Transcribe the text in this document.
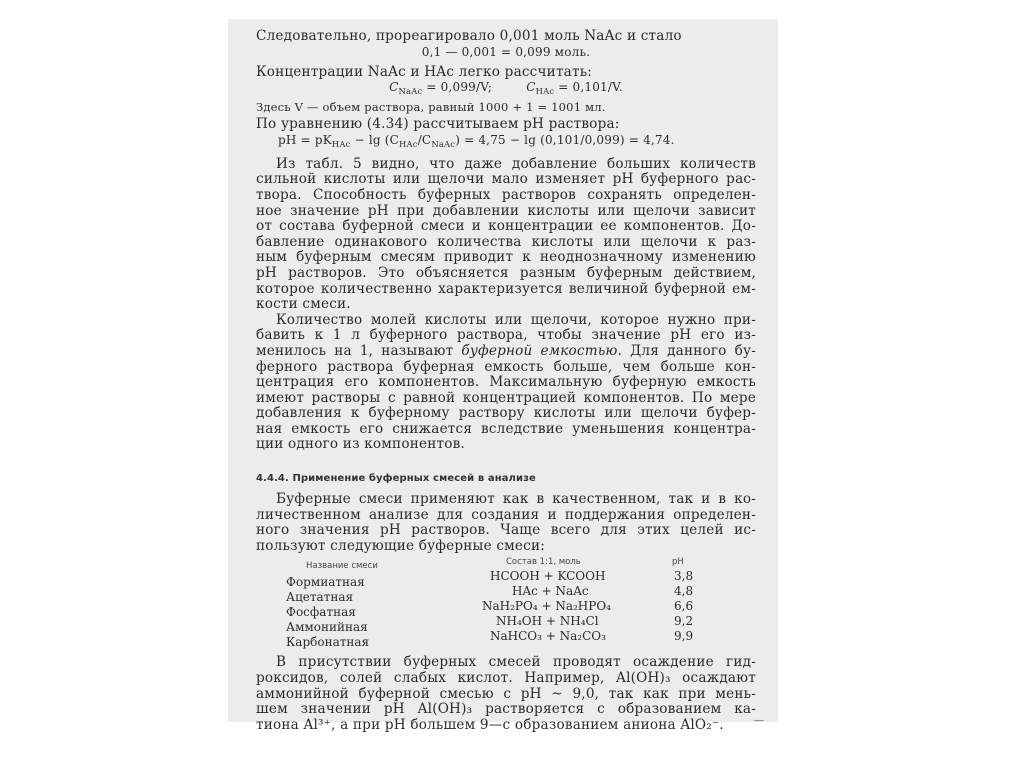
Следовательно, прореагировало 0,001 моль NaAc и стало
0,1 — 0,001 = 0,099 моль.
Концентрации NaAc и HAc легко рассчитать:
$C_{NaAc} = 0,099/V$;	$C_{HAc} = 0,101/V$.
Здесь V — объем раствора, равный 1000 + 1 = 1001 мл.
По уравнению (4.34) рассчитываем pH раствора:
pH = $pK_{HAc} - \lg (C_{HAc}/C_{NaAc}) = 4,75 - \lg (0,101/0,099) = 4,74$.
Из табл. 5 видно, что даже добавление больших количеств
сильной кислоты или щелочи мало изменяет pH буферного рас-
твора. Способность буферных растворов сохранять определен-
ное значение pH при добавлении кислоты или щелочи зависит
от состава буферной смеси и концентрации ее компонентов. До-
бавление одинакового количества кислоты или щелочи к раз-
ным буферным смесям приводит к неоднозначному изменению
pH растворов. Это объясняется разным буферным действием,
которое количественно характеризуется величиной буферной ем-
кости смеси.
Количество молей кислоты или щелочи, которое нужно при-
бавить к 1 л буферного раствора, чтобы значение pH его из-
менилось на 1, называют буферной емкостью. Для данного бу-
ферного раствора буферная емкость больше, чем больше кон-
центрация его компонентов. Максимальную буферную емкость
имеют растворы с равной концентрацией компонентов. По мере
добавления к буферному раствору кислоты или щелочи буфер-
ная емкость его снижается вследствие уменьшения концентра-
ции одного из компонентов.
4.4.4. Применение буферных смесей в анализе
Буферные смеси применяют как в качественном, так и в ко-
личественном анализе для создания и поддержания определен-
ного значения pH растворов. Чаще всего для этих целей ис-
пользуют следующие буферные смеси:
Название смеси	Состав 1:1, моль	pH
Формиатная	HCOOH + KCOOH	3,8
Ацетатная	HAc + NaAc	4,8
Фосфатная	NaH₂PO₄ + Na₂HPO₄	6,6
Аммонийная	NH₄OH + NH₄Cl	9,2
Карбонатная	NaHCO₃ + Na₂CO₃	9,9
В присутствии буферных смесей проводят осаждение гид-
роксидов, солей слабых кислот. Например, Al(OH)₃ осаждают
аммонийной буферной смесью с pH ~ 9,0, так как при мень-
шем значении pH Al(OH)₃ растворяется с образованием ка-
тиона Al³⁺, а при pH большем 9—с образованием аниона AlO₂⁻.	—
